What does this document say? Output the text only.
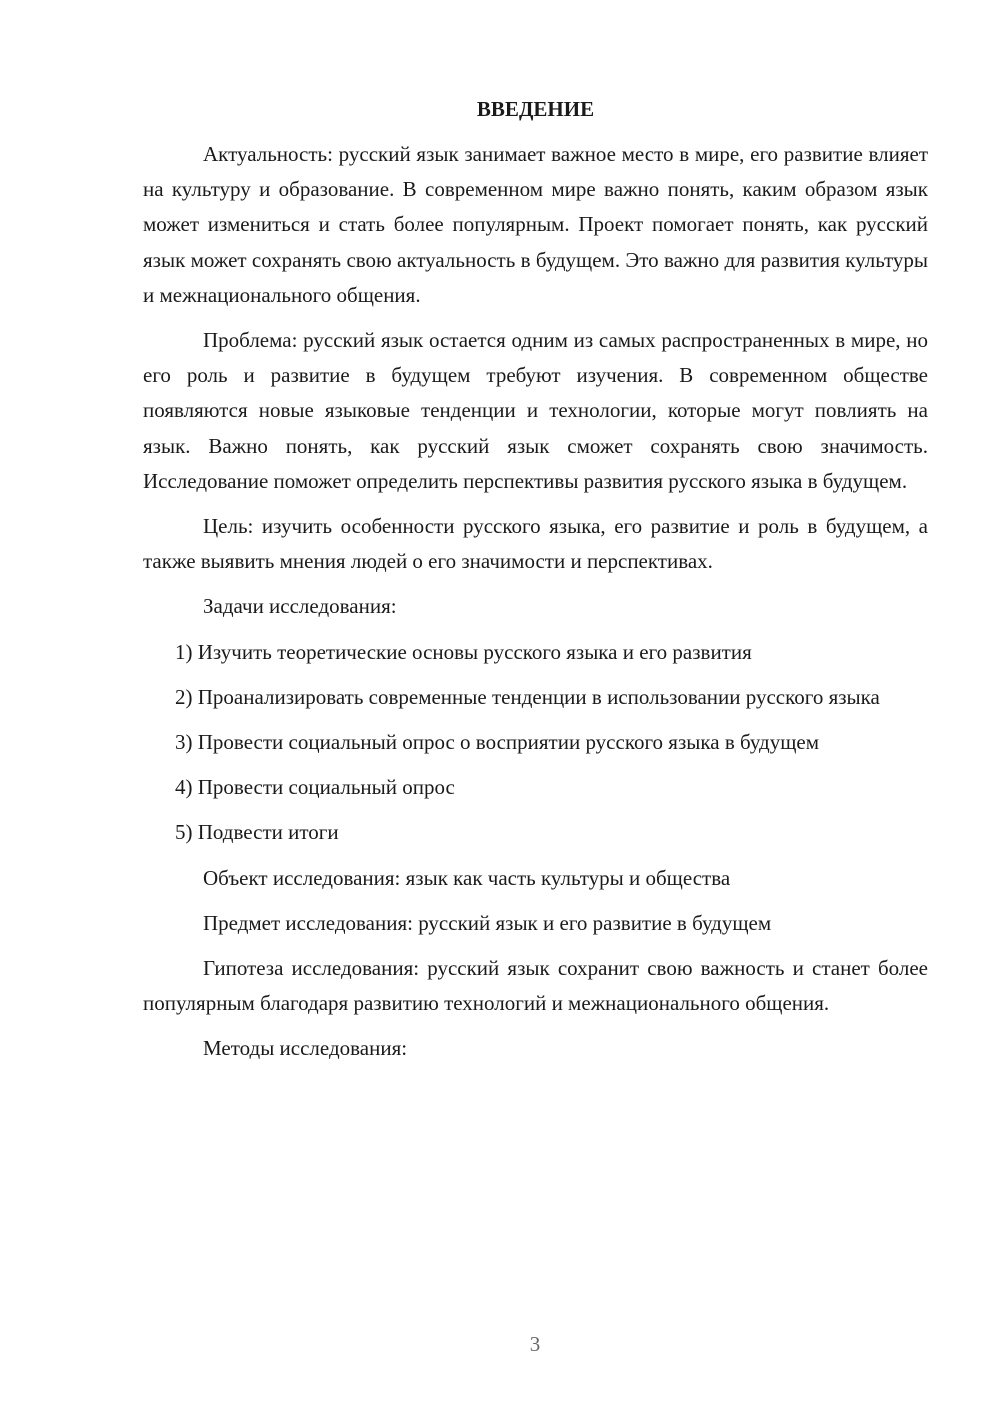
ВВЕДЕНИЕ

Актуальность: русский язык занимает важное место в мире, его развитие влияет на культуру и образование. В современном мире важно понять, каким образом язык может измениться и стать более популярным. Проект помогает понять, как русский язык может сохранять свою актуальность в будущем. Это важно для развития культуры и межнационального общения.

Проблема: русский язык остается одним из самых распространенных в мире, но его роль и развитие в будущем требуют изучения. В современном обществе появляются новые языковые тенденции и технологии, которые могут повлиять на язык. Важно понять, как русский язык сможет сохранять свою значимость. Исследование поможет определить перспективы развития русского языка в будущем.

Цель: изучить особенности русского языка, его развитие и роль в будущем, а также выявить мнения людей о его значимости и перспективах.

Задачи исследования:

1) Изучить теоретические основы русского языка и его развития

2) Проанализировать современные тенденции в использовании русского языка

3) Провести социальный опрос о восприятии русского языка в будущем

4) Провести социальный опрос

5) Подвести итоги

Объект исследования: язык как часть культуры и общества

Предмет исследования: русский язык и его развитие в будущем

Гипотеза исследования: русский язык сохранит свою важность и станет более популярным благодаря развитию технологий и межнационального общения.

Методы исследования:

3
